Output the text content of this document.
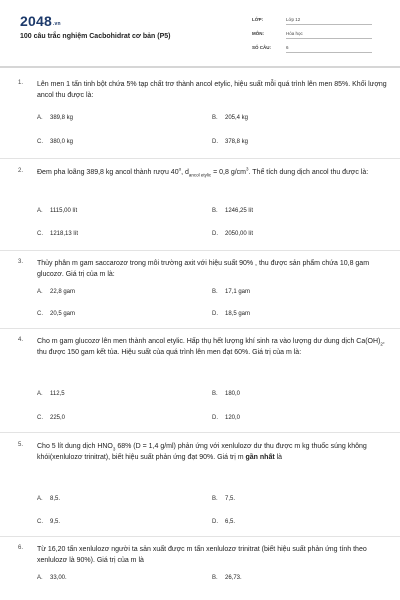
2048.vn
100 câu trắc nghiệm Cacbohidrat cơ bản (P5)
LỚP:	Lớp 12
MÔN:	Hóa học
SỐ CÂU:	6
1. Lên men 1 tấn tinh bột chứa 5% tạp chất trơ thành ancol etylic, hiệu suất mỗi quá trình lên men 85%. Khối lượng ancol thu được là:
A. 389,8 kg	B. 205,4 kg
C. 380,0 kg	D. 378,8 kg
2. Đem pha loãng 389,8 kg ancol thành rượu 40$^o$, $d_{ancol etylic} = 0,8$ $g/cm^3$. Thể tích dung dịch ancol thu được là:
A. 1115,00 lít	B. 1246,25 lít
C. 1218,13 lít	D. 2050,00 lít
3. Thủy phân m gam saccarozơ trong môi trường axit với hiệu suất 90% , thu được sản phẩm chứa 10,8 gam glucozơ. Giá trị của m là:
A. 22,8 gam	B. 17,1 gam
C. 20,5 gam	D. 18,5 gam
4. Cho m gam glucozơ lên men thành ancol etylic. Hấp thụ hết lượng khí sinh ra vào lượng dư dung dịch $Ca(OH)_2$, thu được 150 gam kết tủa. Hiệu suất của quá trình lên men đạt 60%. Giá trị của m là:
A. 112,5	B. 180,0
C. 225,0	D. 120,0
5. Cho 5 lít dung dịch $HNO_3$ 68% (D = 1,4 g/ml) phản ứng với xenlulozơ dư thu được m kg thuốc súng không khói(xenlulozơ trinitrat), biết hiệu suất phản ứng đạt 90%. Giá trị m gần nhất là
A. 8,5.	B. 7,5.
C. 9,5.	D. 6,5.
6. Từ 16,20 tấn xenlulozơ người ta sản xuất được m tấn xenlulozơ trinitrat (biết hiệu suất phản ứng tính theo xenlulozơ là 90%). Giá trị của m là
A. 33,00.	B. 26,73.
